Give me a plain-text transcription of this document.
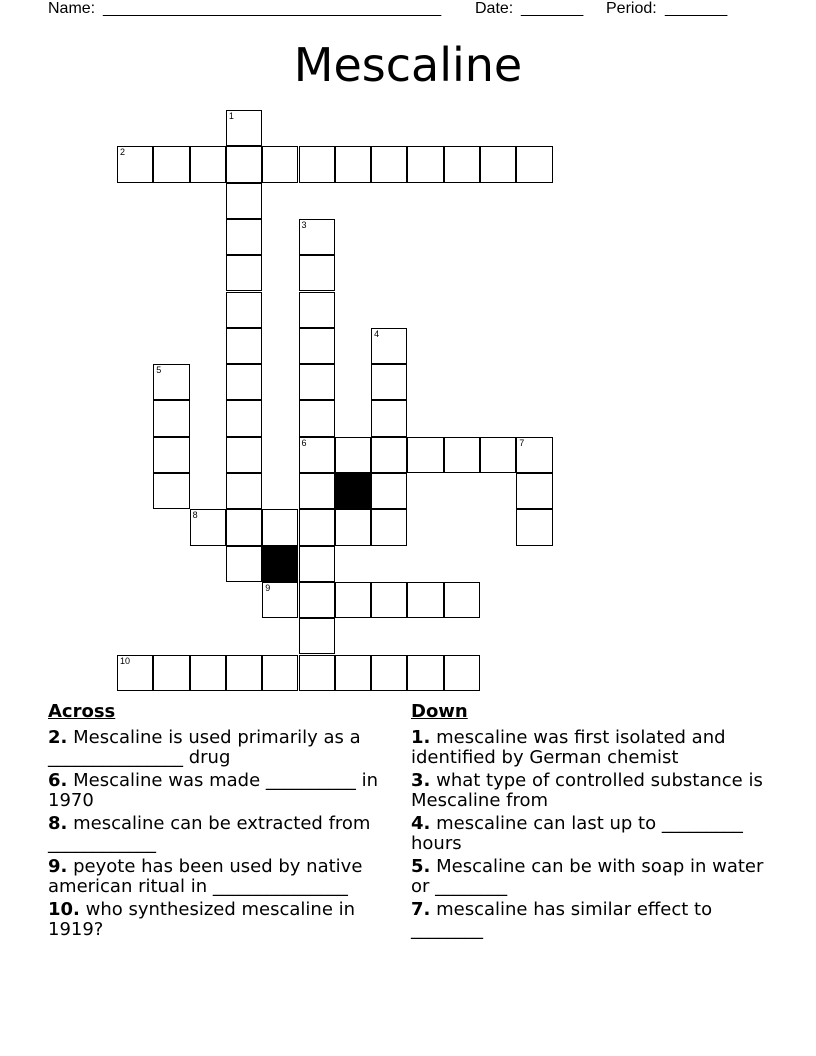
Name: ______________________________________ Date: _______ Period: _______
Mescaline
1
2
3
4
5
6	7
8
9
10
Across
2. Mescaline is used primarily as a _______________ drug
6. Mescaline was made __________ in 1970
8. mescaline can be extracted from ____________
9. peyote has been used by native american ritual in _______________
10. who synthesized mescaline in 1919?
Down
1. mescaline was first isolated and identified by German chemist
3. what type of controlled substance is Mescaline from
4. mescaline can last up to _________ hours
5. Mescaline can be with soap in water or ________
7. mescaline has similar effect to ________
